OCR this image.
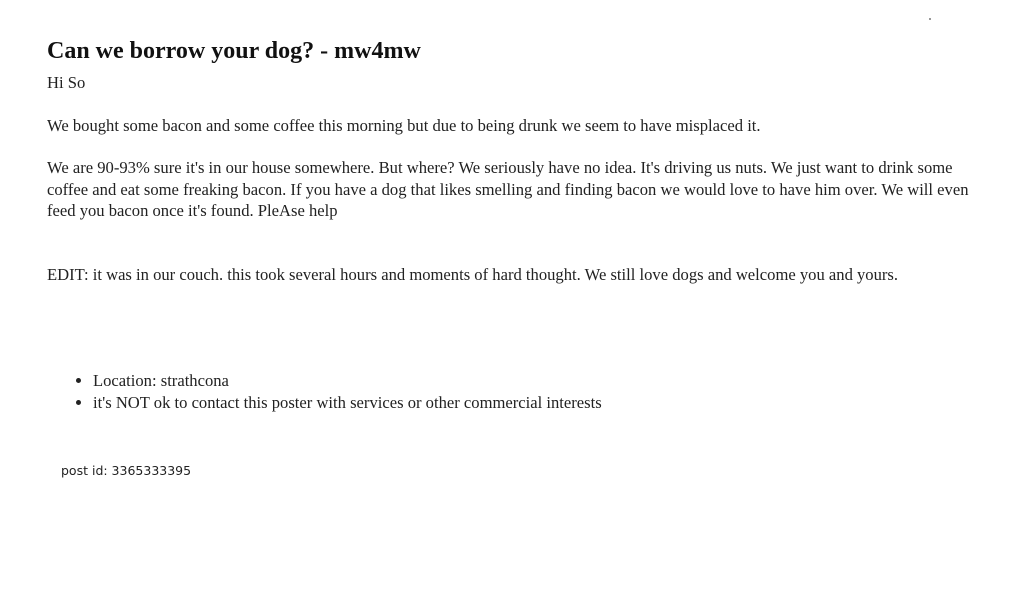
Can we borrow your dog? - mw4mw

Hi So

We bought some bacon and some coffee this morning but due to being drunk we seem to have misplaced it.

We are 90-93% sure it's in our house somewhere. But where? We seriously have no idea. It's driving us nuts. We just want to drink some coffee and eat some freaking bacon. If you have a dog that likes smelling and finding bacon we would love to have him over. We will even feed you bacon once it's found. PleAse help

EDIT: it was in our couch. this took several hours and moments of hard thought. We still love dogs and welcome you and yours.

• Location: strathcona
• it's NOT ok to contact this poster with services or other commercial interests
post id: 3365333395
